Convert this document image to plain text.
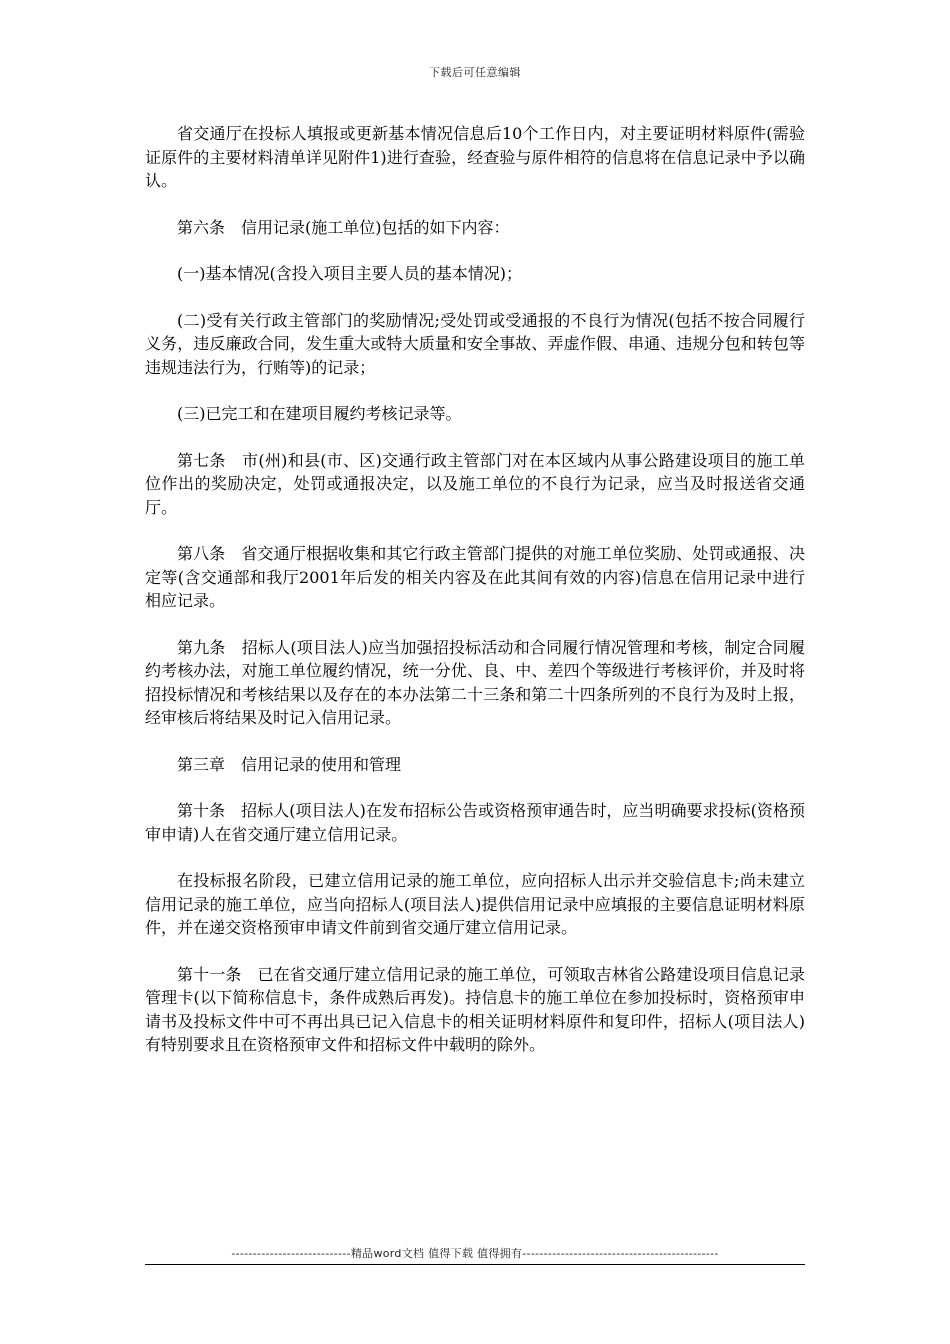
下载后可任意编辑

省交通厅在投标人填报或更新基本情况信息后10个工作日内，对主要证明材料原件(需验证原件的主要材料清单详见附件1)进行查验，经查验与原件相符的信息将在信息记录中予以确认。

第六条　信用记录(施工单位)包括的如下内容：

(一)基本情况(含投入项目主要人员的基本情况)；

(二)受有关行政主管部门的奖励情况;受处罚或受通报的不良行为情况(包括不按合同履行义务，违反廉政合同，发生重大或特大质量和安全事故、弄虚作假、串通、违规分包和转包等违规违法行为，行贿等)的记录；

(三)已完工和在建项目履约考核记录等。

第七条　市(州)和县(市、区)交通行政主管部门对在本区域内从事公路建设项目的施工单位作出的奖励决定，处罚或通报决定，以及施工单位的不良行为记录，应当及时报送省交通厅。

第八条　省交通厅根据收集和其它行政主管部门提供的对施工单位奖励、处罚或通报、决定等(含交通部和我厅2001年后发的相关内容及在此其间有效的内容)信息在信用记录中进行相应记录。

第九条　招标人(项目法人)应当加强招投标活动和合同履行情况管理和考核，制定合同履约考核办法，对施工单位履约情况，统一分优、良、中、差四个等级进行考核评价，并及时将招投标情况和考核结果以及存在的本办法第二十三条和第二十四条所列的不良行为及时上报，经审核后将结果及时记入信用记录。

第三章　信用记录的使用和管理

第十条　招标人(项目法人)在发布招标公告或资格预审通告时，应当明确要求投标(资格预审申请)人在省交通厅建立信用记录。

在投标报名阶段，已建立信用记录的施工单位，应向招标人出示并交验信息卡;尚未建立信用记录的施工单位，应当向招标人(项目法人)提供信用记录中应填报的主要信息证明材料原件，并在递交资格预审申请文件前到省交通厅建立信用记录。

第十一条　已在省交通厅建立信用记录的施工单位，可领取吉林省公路建设项目信息记录管理卡(以下简称信息卡，条件成熟后再发)。持信息卡的施工单位在参加投标时，资格预审申请书及投标文件中可不再出具已记入信息卡的相关证明材料原件和复印件，招标人(项目法人)有特别要求且在资格预审文件和招标文件中载明的除外。

----------------------------精品word文档 值得下载 值得拥有----------------------------------------------
